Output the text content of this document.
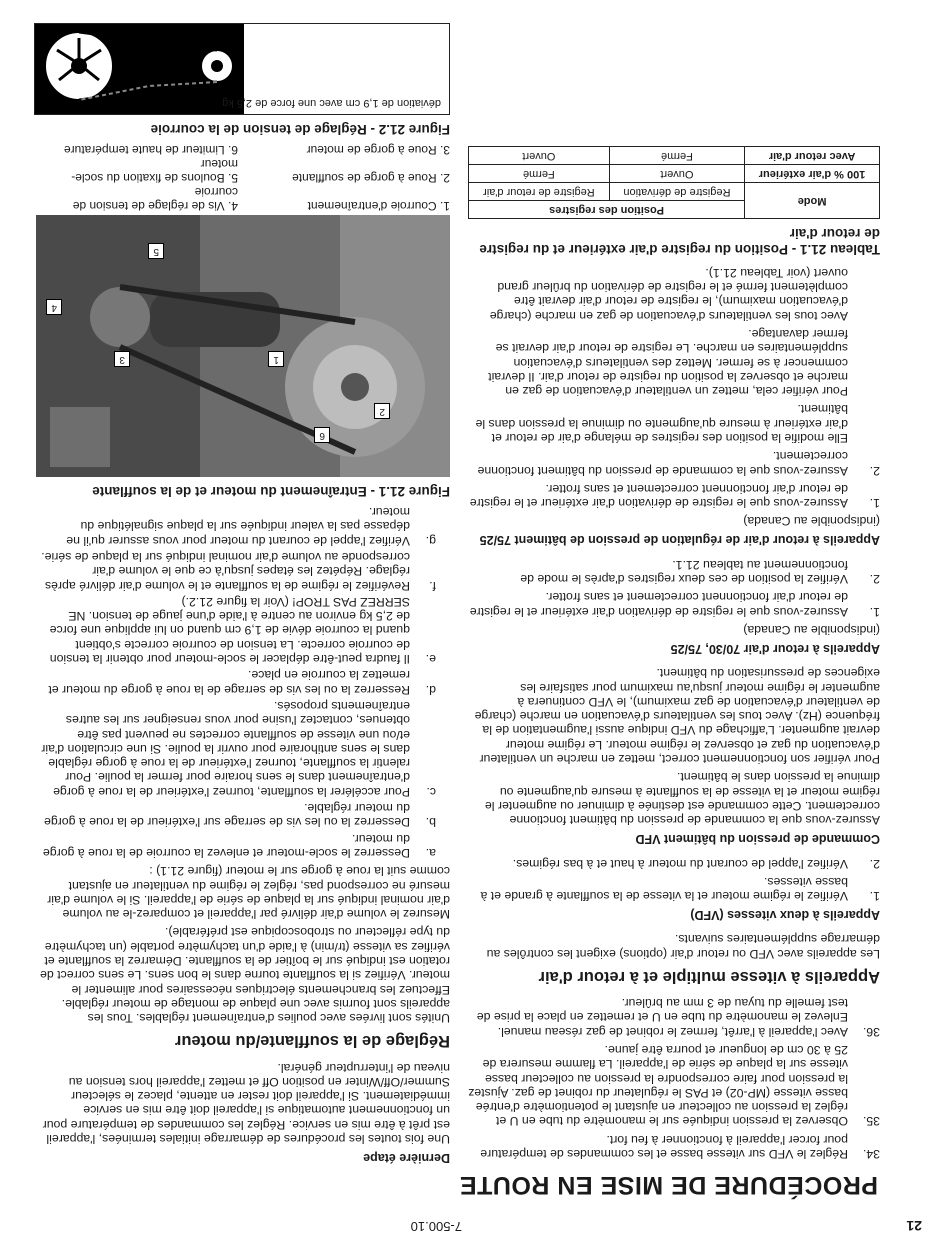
21
7-500.10
PROCÉDURE DE MISE EN ROUTE
34.
Réglez le VFD sur vitesse basse et les commandes de température pour forcer l'appareil à fonctionner à feu fort.
35.
Observez la pression indiquée sur le manomètre du tube en U et réglez la pression au collecteur en ajustant le potentiomètre d'entrée basse vitesse (MP-02) et PAS le régulateur du robinet de gaz. Ajustez la pression pour faire correspondre la pression au collecteur basse vitesse sur la plaque de série de l'appareil. La flamme mesurera de 25 à 30 cm de longueur et pourra être jaune.
36.
Avec l'appareil à l'arrêt, fermez le robinet de gaz réseau manuel. Enlevez le manomètre du tube en U et remettez en place la prise de test femelle du tuyau de 3 mm au brûleur.
Appareils à vitesse multiple et à retour d'air

Les appareils avec VFD ou retour d'air (options) exigent les contrôles au démarrage supplémentaires suivants.

Appareils à deux vitesses (VFD)
1.
Vérifiez le régime moteur et la vitesse de la soufflante à grande et à basse vitesses.
2.
Vérifiez l'appel de courant du moteur à haut et à bas régimes.
Commande de pression du bâtiment VFD

Assurez-vous que la commande de pression du bâtiment fonctionne correctement. Cette commande est destinée à diminuer ou augmenter le régime moteur et la vitesse de la soufflante à mesure qu'augmente ou diminue la pression dans le bâtiment.

Pour vérifier son fonctionnement correct, mettez en marche un ventilateur d'évacuation du gaz et observez le régime moteur. Le régime moteur devrait augmenter. L'affichage du VFD indique aussi l'augmentation de la fréquence (Hz). Avec tous les ventilateurs d'évacuation en marche (charge de ventilateur d'évacuation de gaz maximum), le VFD continuera à augmenter le régime moteur jusqu'au maximum pour satisfaire les exigences de pressurisation du bâtiment.

Appareils à retour d'air 70/30, 75/25

(indisponible au Canada)

1.
Assurez-vous que le registre de dérivation d'air extérieur et le registre de retour d'air fonctionnent correctement et sans frotter.
2.
Vérifiez la position de ces deux registres d'après le mode de fonctionnement au tableau 21.1.
Appareils à retour d'air de régulation de pression de bâtiment 75/25

(indisponible au Canada)

1.
Assurez-vous que le registre de dérivation d'air extérieur et le registre de retour d'air fonctionnent correctement et sans frotter.
2.
Assurez-vous que la commande de pression du bâtiment fonctionne correctement.

Elle modifie la position des registres de mélange d'air de retour et d'air extérieur à mesure qu'augmente ou diminue la pression dans le bâtiment.

Pour vérifier cela, mettez un ventilateur d'évacuation de gaz en marche et observez la position du registre de retour d'air. Il devrait commencer à se fermer. Mettez des ventilateurs d'évacuation supplémentaires en marche. Le registre de retour d'air devrait se fermer davantage.

Avec tous les ventilateurs d'évacuation de gaz en marche (charge d'évacuation maximum), le registre de retour d'air devrait être complètement fermé et le registre de dérivation du brûleur grand ouvert (voir Tableau 21.1).

Tableau 21.1 - Position du registre d'air extérieur et du registre de retour d'air
Mode	Position des registres	
	Registre de dérivation	Registre de retour d'air
100 % d'air extérieur	Ouvert	Fermé
Avec retour d'air	Fermé	Ouvert
Dernière étape

Une fois toutes les procédures de démarrage initiales terminées, l'appareil est prêt à être mis en service. Réglez les commandes de température pour un fonctionnement automatique si l'appareil doit être mis en service immédiatement. Si l'appareil doit rester en attente, placez le sélecteur Summer/Off/Winter en position Off et mettez l'appareil hors tension au niveau de l'interrupteur général.

Réglage de la soufflante/du moteur

Unités sont livrées avec poulies d'entraînement réglables. Tous les appareils sont fournis avec une plaque de montage de moteur réglable. Effectuez les branchements électriques nécessaires pour alimenter le moteur. Vérifiez si la soufflante tourne dans le bon sens. Le sens correct de rotation est indiqué sur le boîtier de la soufflante. Démarrez la soufflante et vérifiez sa vitesse (tr/min) à l'aide d'un tachymètre portable (un tachymètre du type réflecteur ou stroboscopique est préférable).

Mesurez le volume d'air délivré par l'appareil et comparez-le au volume d'air nominal indiqué sur la plaque de série de l'appareil. Si le volume d'air mesuré ne correspond pas, réglez le régime du ventilateur en ajustant comme suit la roue à gorge sur le moteur (figure 21.1) :

a.
Desserrez le socle-moteur et enlevez la courroie de la roue à gorge du moteur.
b.
Desserrez la ou les vis de serrage sur l'extérieur de la roue à gorge du moteur réglable.
c.
Pour accélérer la soufflante, tournez l'extérieur de la roue à gorge d'entraînement dans le sens horaire pour fermer la poulie. Pour ralentir la soufflante, tournez l'extérieur de la roue à gorge réglable dans le sens antihoraire pour ouvrir la poulie. Si une circulation d'air et/ou une vitesse de soufflante correctes ne peuvent pas être obtenues, contactez l'usine pour vous renseigner sur les autres entraînements proposés.
d.
Resserrez la ou les vis de serrage de la roue à gorge du moteur et remettez la courroie en place.
e.
Il faudra peut-être déplacer le socle-moteur pour obtenir la tension de courroie correcte. La tension de courroie correcte s'obtient quand la courroie dévie de 1,9 cm quand on lui applique une force de 2,5 kg environ au centre à l'aide d'une jauge de tension. NE SERREZ PAS TROP! (Voir la figure 21.2.)
f.
Revérifiez le régime de la soufflante et le volume d'air délivré après réglage. Répétez les étapes jusqu'à ce que le volume d'air corresponde au volume d'air nominal indiqué sur la plaque de série.
g.
Vérifiez l'appel de courant du moteur pour vous assurer qu'il ne dépasse pas la valeur indiquée sur la plaque signalétique du moteur.
Figure 21.1 - Entraînement du moteur et de la soufflante
1
2
3
4
5
6
1. Courroie d'entraînement
4. Vis de réglage de tension de courroie
2. Roue à gorge de soufflante
5. Boulons de fixation du socle-moteur
3. Roue à gorge de moteur
6. Limiteur de haute température
Figure 21.2 - Réglage de tension de la courroie
déviation de 1,9 cm avec une force de 2,5 kg
